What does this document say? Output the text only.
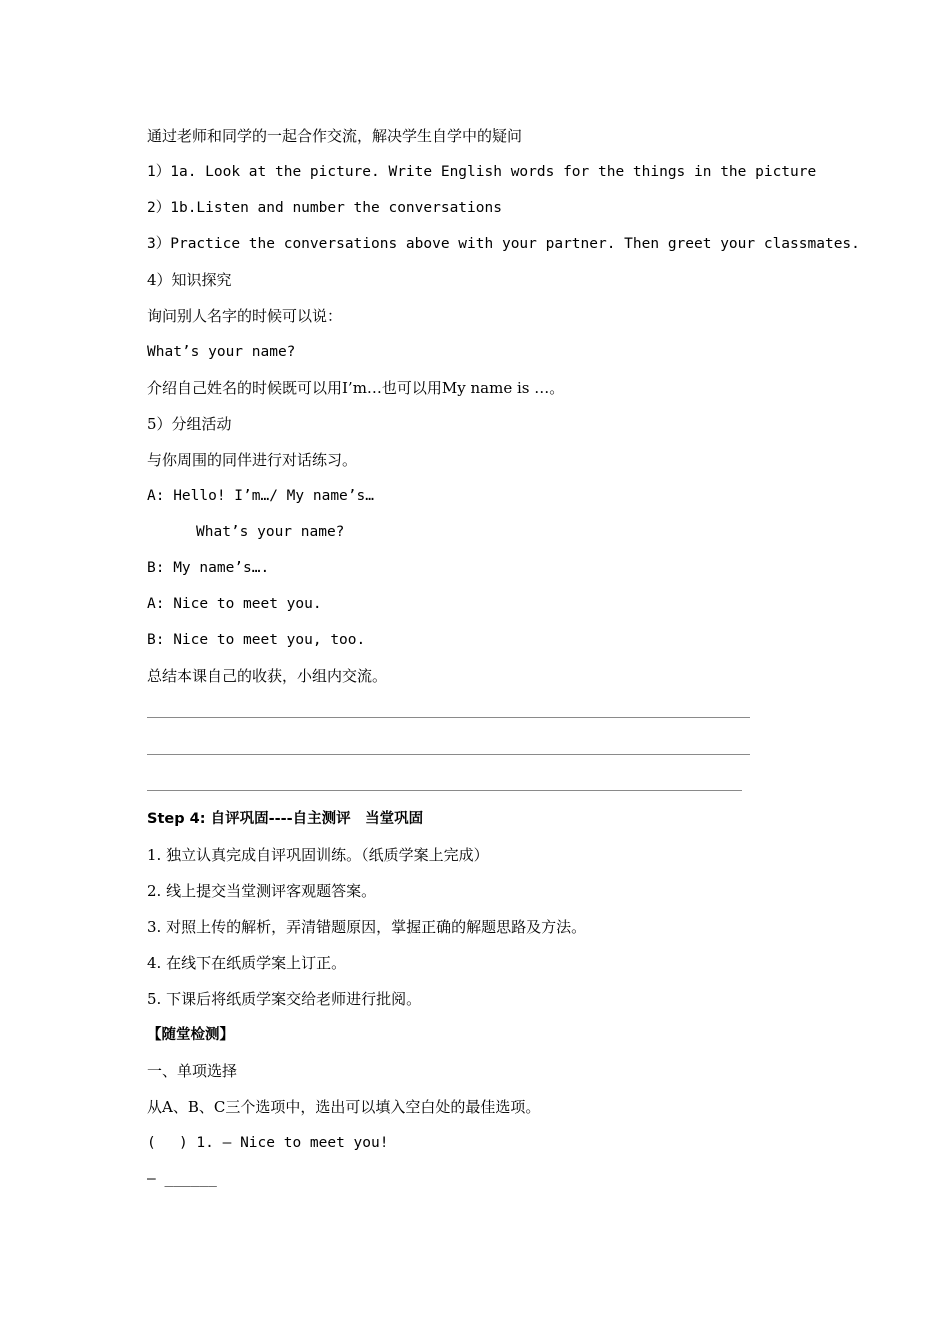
通过老师和同学的一起合作交流，解决学生自学中的疑问
1）1a. Look at the picture. Write English words for the things in the picture
2）1b.Listen and number the conversations
3）Practice the conversations above with your partner. Then greet your classmates.
4）知识探究
询问别人名字的时候可以说：
What’s your name?
介绍自己姓名的时候既可以用I’m…也可以用My name is …。
5）分组活动
与你周围的同伴进行对话练习。
A: Hello! I’m…/ My name’s…
What’s your name?
B: My name’s….
A: Nice to meet you.
B: Nice to meet you, too.
总结本课自己的收获，小组内交流。
Step 4: 自评巩固----自主测评　当堂巩固
1. 独立认真完成自评巩固训练。（纸质学案上完成）
2. 线上提交当堂测评客观题答案。
3. 对照上传的解析，弄清错题原因，掌握正确的解题思路及方法。
4. 在线下在纸质学案上订正。
5. 下课后将纸质学案交给老师进行批阅。
【随堂检测】
一、单项选择
从A、B、C三个选项中，选出可以填入空白处的最佳选项。
(　 ) 1. — Nice to meet you!
— ______
